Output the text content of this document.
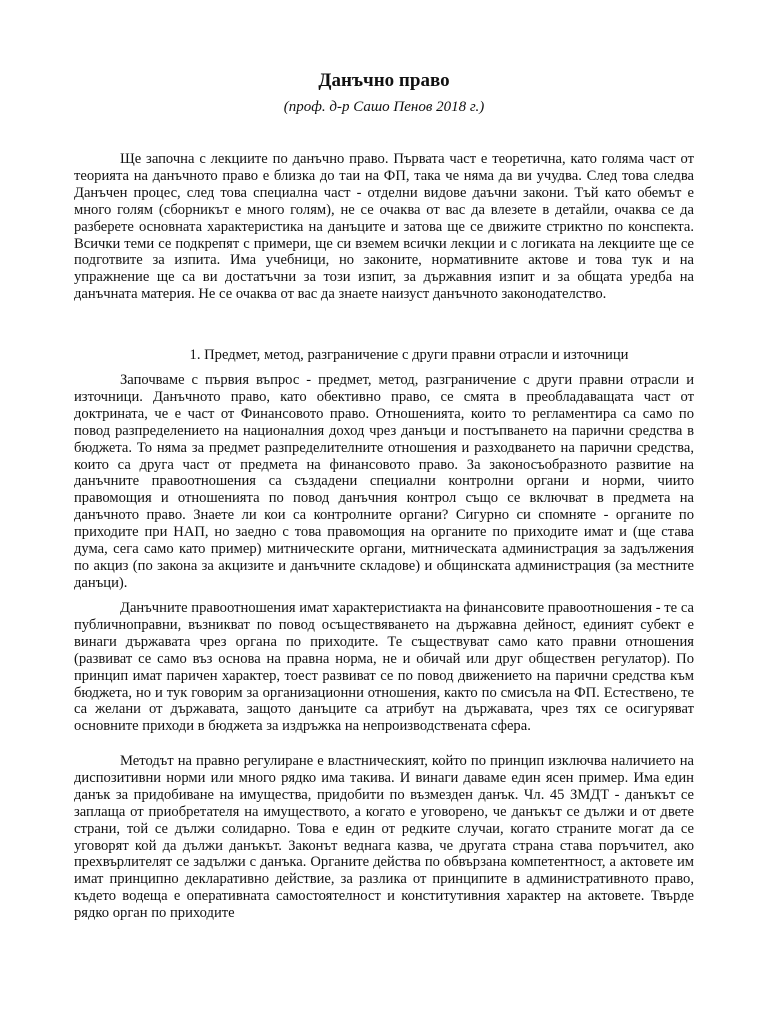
Данъчно право
(проф. д-р Сашо Пенов 2018 г.)

Ще започна с лекциите по данъчно право. Първата част е теоретична, като голяма част от теорията на данъчното право е близка до таи на ФП, така че няма да ви учудва. След това следва Данъчен процес, след това специална част - отделни видове даъчни закони. Тъй като обемът е много голям (сборникът е много голям), не се очаква от вас да влезете в детайли, очаква се да разберете основната характеристика на данъците и затова ще се движите стриктно по конспекта. Всички теми се подкрепят с примери, ще си вземем всички лекции и с логиката на лекциите ще се подготвите за изпита. Има учебници, но законите, нормативните актове и това тук и на упражнение ще са ви достатъчни за този изпит, за държавния изпит и за общата уредба на данъчната материя. Не се очаква от вас да знаете наизуст данъчното законодателство.

1. Предмет, метод, разграничение с други правни отрасли и източници

Започваме с първия въпрос - предмет, метод, разграничение с други правни отрасли и източници. Данъчното право, като обективно право, се смята в преобладаващата част от доктрината, че е част от Финансовото право. Отношенията, които то регламентира са само по повод разпределението на националния доход чрез данъци и постъпването на парични средства в бюджета. То няма за предмет разпределителните отношения и разходването на парични средства, които са друга част от предмета на финансовото право. За законосъобразното развитие на данъчните правоотношения са създадени специални контролни органи и норми, чиито правомощия и отношенията по повод данъчния контрол също се включват в предмета на данъчното право. Знаете ли кои са контролните органи? Сигурно си спомняте - органите по приходите при НАП, но заедно с това правомощия на органите по приходите имат и (ще става дума, сега само като пример) митническите органи, митническата администрация за задължения по акциз (по закона за акцизите и данъчните складове) и общинската администрация (за местните данъци).

Данъчните правоотношения имат характеристиакта на финансовите правоотношения - те са публичноправни, възникват по повод осъществяването на държавна дейност, единият субект е винаги държавата чрез органа по приходите. Те съществуват само като правни отношения (развиват се само въз основа на правна норма, не и обичай или друг обществен регулатор). По принцип имат паричен характер, тоест развиват се по повод движението на парични средства към бюджета, но и тук говорим за организационни отношения, както по смисъла на ФП. Естествено, те са желани от държавата, защото данъците са атрибут на държавата, чрез тях се осигуряват основните приходи в бюджета за издръжка на непроизводствената сфера.

Методът на правно регулиране е властническият, който по принцип изключва наличието на диспозитивни норми или много рядко има такива. И винаги даваме един ясен пример. Има един данък за придобиване на имущества, придобити по възмезден данък. Чл. 45 ЗМДТ - данъкът се заплаща от приобретателя на имуществото, а когато е уговорено, че данъкът се дължи и от двете страни, той се дължи солидарно. Това е един от редките случаи, когато страните могат да се уговорят кой да дължи данъкът. Законът веднага казва, че другата страна става поръчител, ако прехвърлителят се задължи с данъка. Органите действа по обвързана компетентност, а актовете им имат принципно декларативно действие, за разлика от принципите в административното право, където водеща е оперативната самостоятелност и конститутивния характер на актовете. Твърде рядко орган по приходите
